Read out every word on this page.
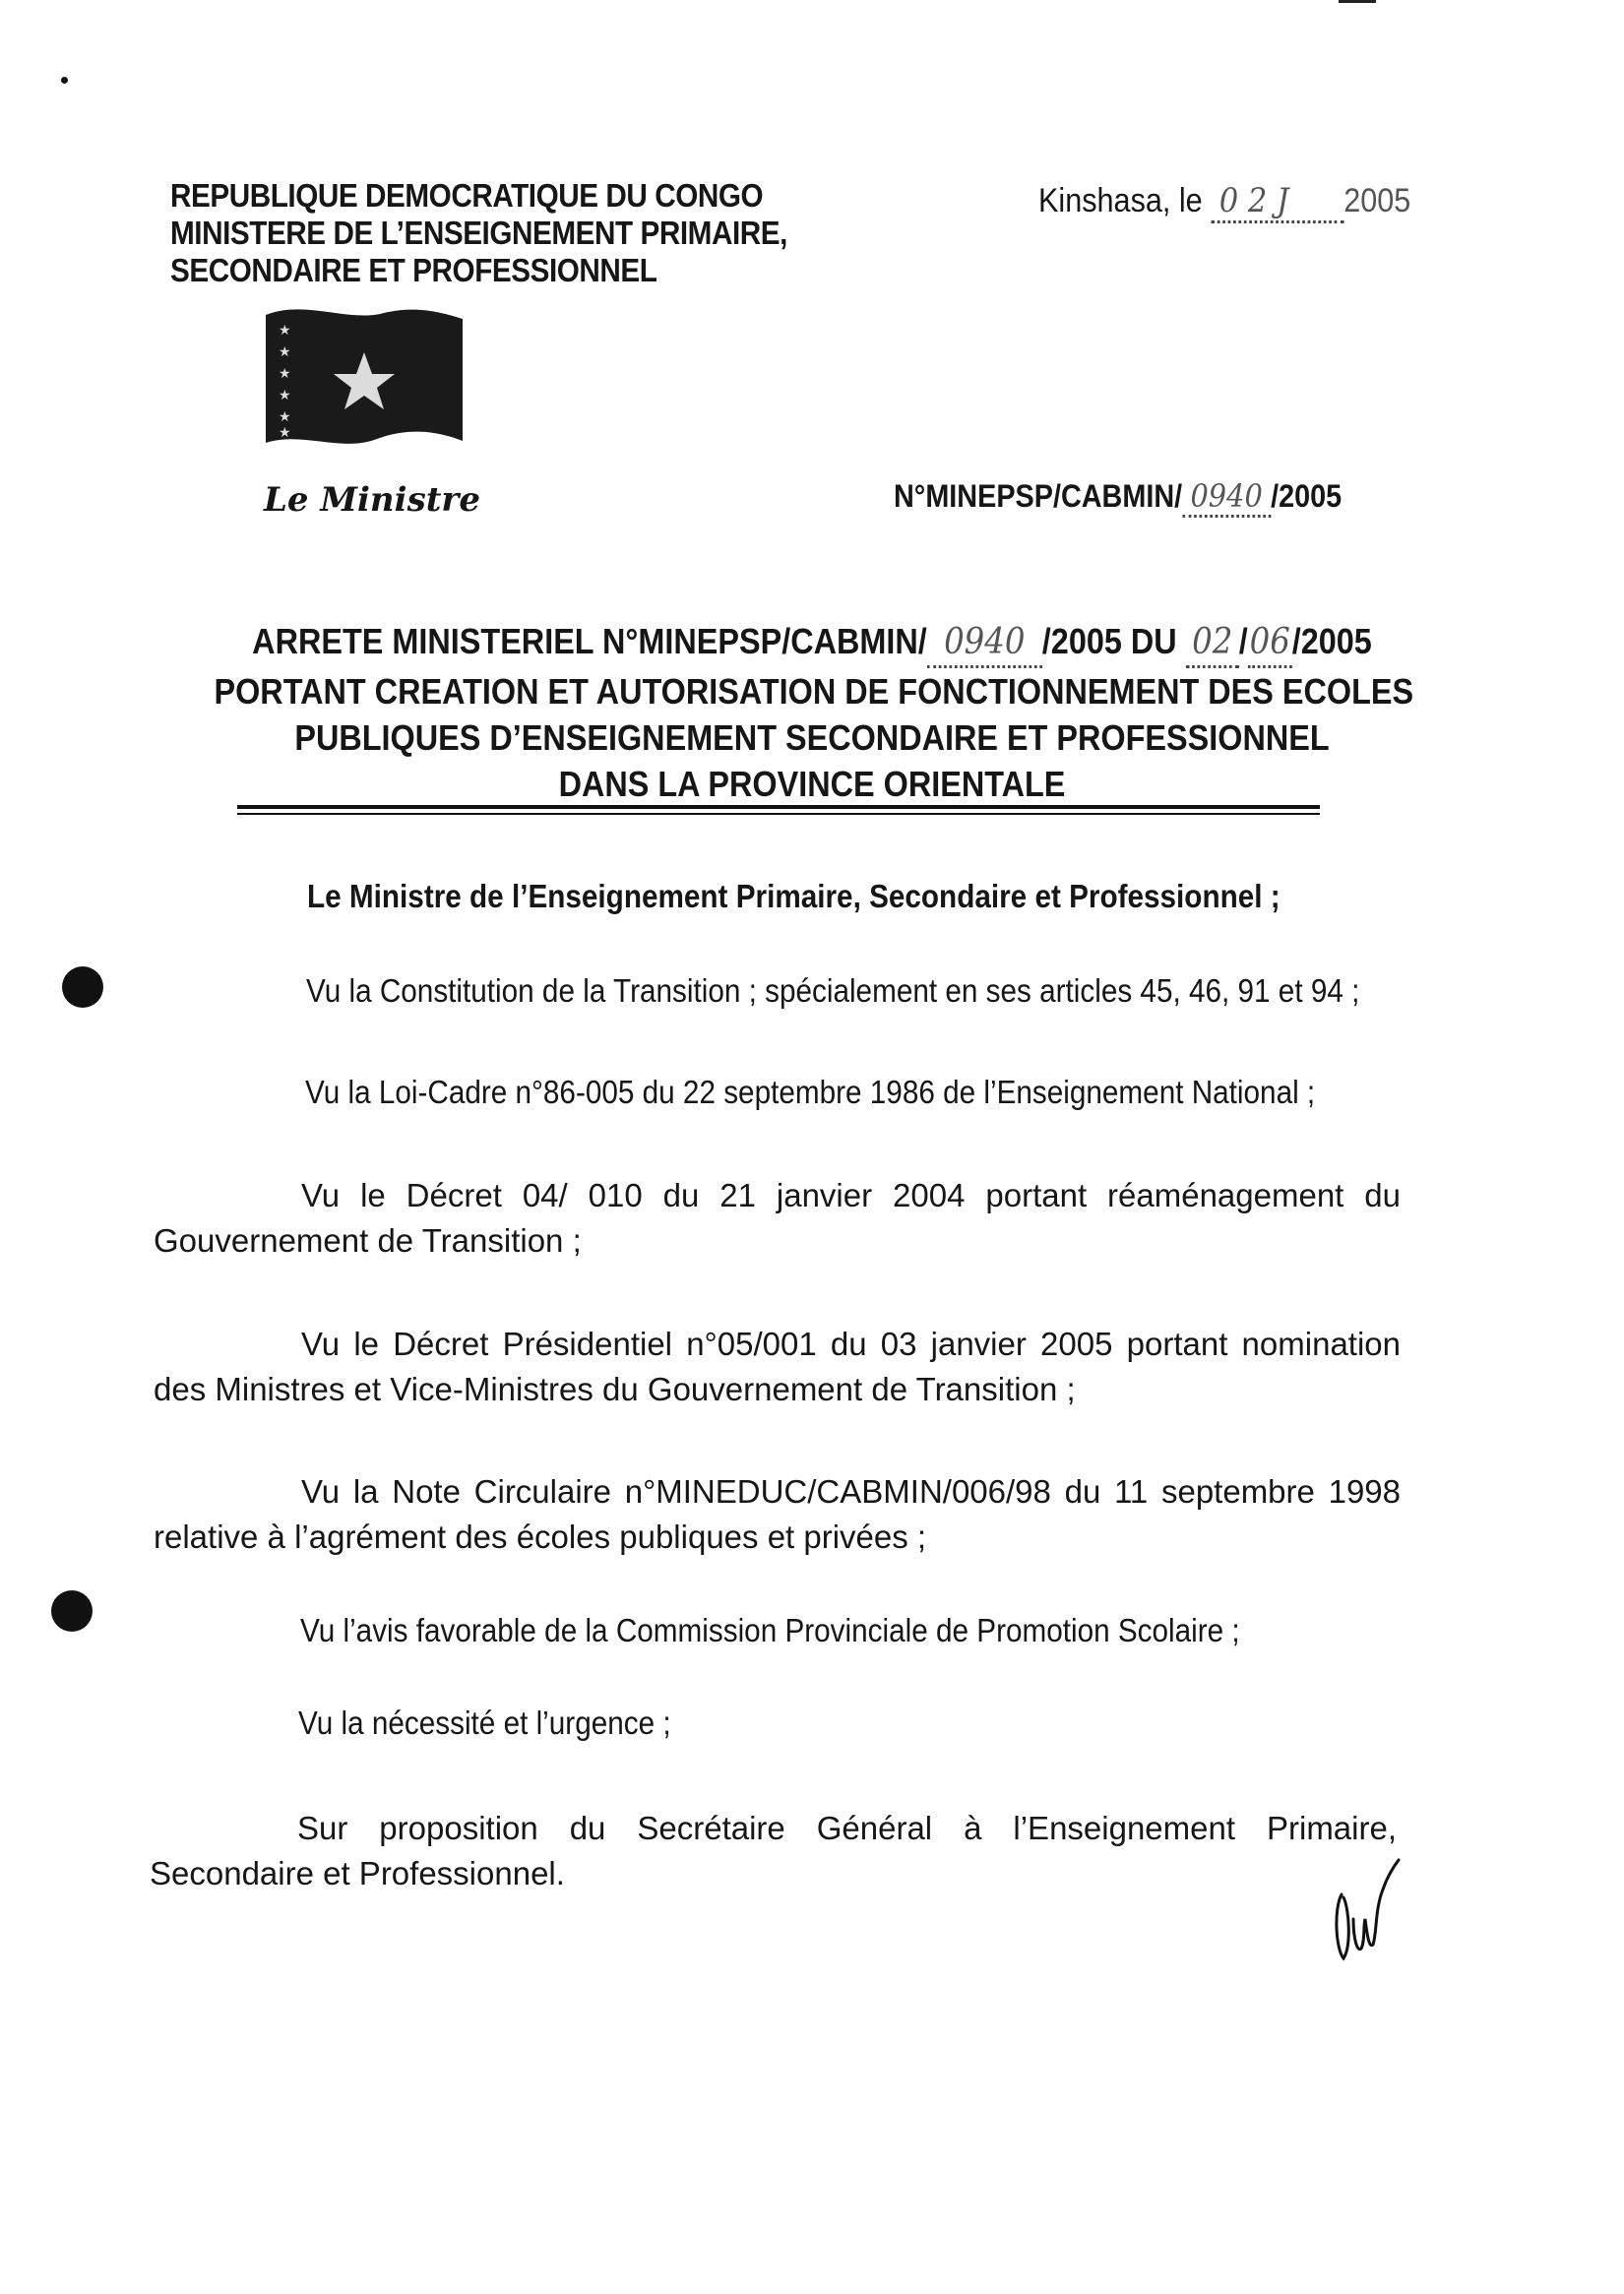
REPUBLIQUE DEMOCRATIQUE DU CONGO
MINISTERE DE L’ENSEIGNEMENT PRIMAIRE,
SECONDAIRE ET PROFESSIONNEL
★
★
★
★
★
★
Le Ministre
Kinshasa, le 0 2 J 2005
N°MINEPSP/CABMIN/ 0940 /2005
ARRETE MINISTERIEL N°MINEPSP/CABMIN/ 0940 /2005 DU 02 /06/2005
PORTANT CREATION ET AUTORISATION DE FONCTIONNEMENT DES ECOLES
PUBLIQUES D’ENSEIGNEMENT SECONDAIRE ET PROFESSIONNEL
DANS LA PROVINCE ORIENTALE
Le Ministre de l’Enseignement Primaire, Secondaire et Professionnel ;
Vu la Constitution de la Transition ; spécialement en ses articles 45, 46, 91 et 94 ;
Vu la Loi-Cadre n°86-005 du 22 septembre 1986 de l’Enseignement National ;
Vu le Décret 04/ 010 du 21 janvier 2004 portant réaménagement du Gouvernement de Transition ;
Vu le Décret Présidentiel n°05/001 du 03 janvier 2005 portant nomination des Ministres et Vice-Ministres du Gouvernement de Transition ;
Vu la Note Circulaire n°MINEDUC/CABMIN/006/98 du 11 septembre 1998 relative à l’agrément des écoles publiques et privées ;
Vu l’avis favorable de la Commission Provinciale de Promotion Scolaire ;
Vu la nécessité et l’urgence ;
Sur proposition du Secrétaire Général à l’Enseignement Primaire, Secondaire et Professionnel.
